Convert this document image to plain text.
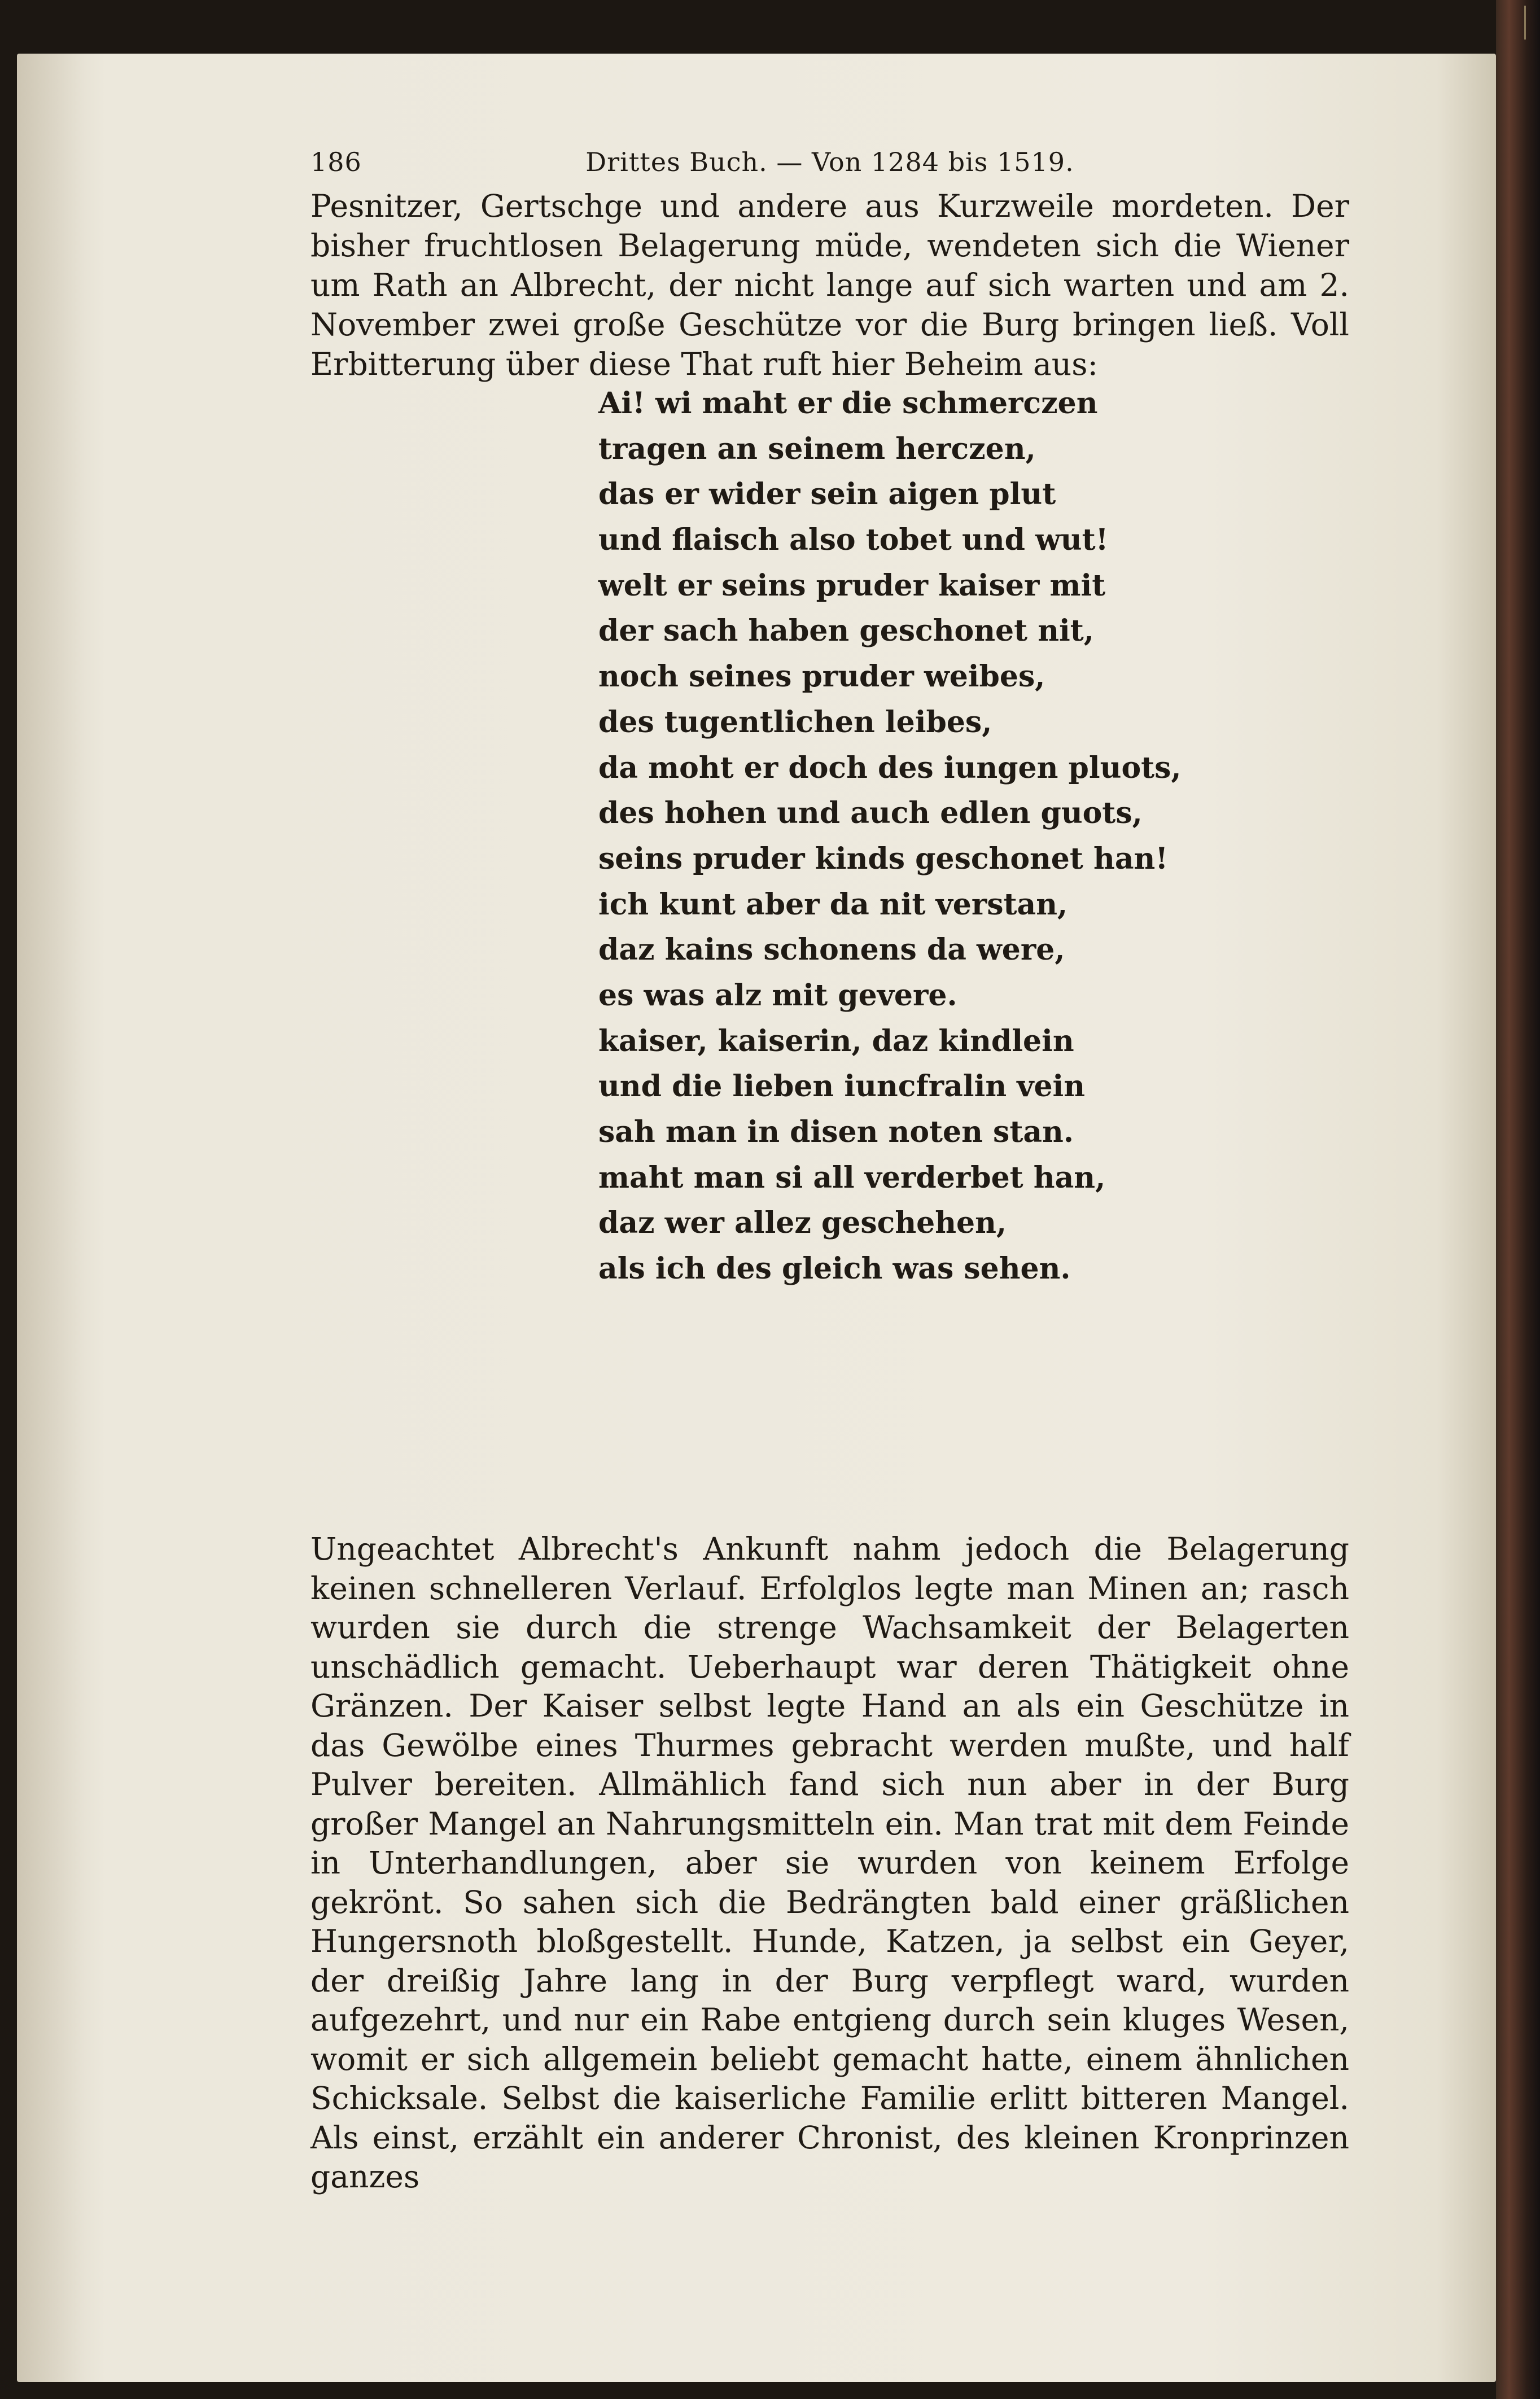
186	Drittes Buch. — Von 1284 bis 1519.

Pesnitzer, Gertschge und andere aus Kurzweile mordeten. Der bisher fruchtlosen Belagerung müde, wendeten sich die Wiener um Rath an Albrecht, der nicht lange auf sich warten und am 2. November zwei große Geschütze vor die Burg bringen ließ. Voll Erbitterung über diese That ruft hier Beheim aus:

Ai! wi maht er die schmerczen
tragen an seinem herczen,
das er wider sein aigen plut
und flaisch also tobet und wut!
welt er seins pruder kaiser mit
der sach haben geschonet nit,
noch seines pruder weibes,
des tugentlichen leibes,
da moht er doch des iungen pluots,
des hohen und auch edlen guots,
seins pruder kinds geschonet han!
ich kunt aber da nit verstan,
daz kains schonens da were,
es was alz mit gevere.
kaiser, kaiserin, daz kindlein
und die lieben iuncfralin vein
sah man in disen noten stan.
maht man si all verderbet han,
daz wer allez geschehen,
als ich des gleich was sehen.

Ungeachtet Albrecht's Ankunft nahm jedoch die Belagerung keinen schnelleren Verlauf. Erfolglos legte man Minen an; rasch wurden sie durch die strenge Wachsamkeit der Belagerten unschädlich gemacht. Ueberhaupt war deren Thätigkeit ohne Gränzen. Der Kaiser selbst legte Hand an als ein Geschütze in das Gewölbe eines Thurmes gebracht werden mußte, und half Pulver bereiten. Allmählich fand sich nun aber in der Burg großer Mangel an Nahrungsmitteln ein. Man trat mit dem Feinde in Unterhandlungen, aber sie wurden von keinem Erfolge gekrönt. So sahen sich die Bedrängten bald einer gräßlichen Hungersnoth bloßgestellt. Hunde, Katzen, ja selbst ein Geyer, der dreißig Jahre lang in der Burg verpflegt ward, wurden aufgezehrt, und nur ein Rabe entgieng durch sein kluges Wesen, womit er sich allgemein beliebt gemacht hatte, einem ähnlichen Schicksale. Selbst die kaiserliche Familie erlitt bitteren Mangel. Als einst, erzählt ein anderer Chronist, des kleinen Kronprinzen ganzes
